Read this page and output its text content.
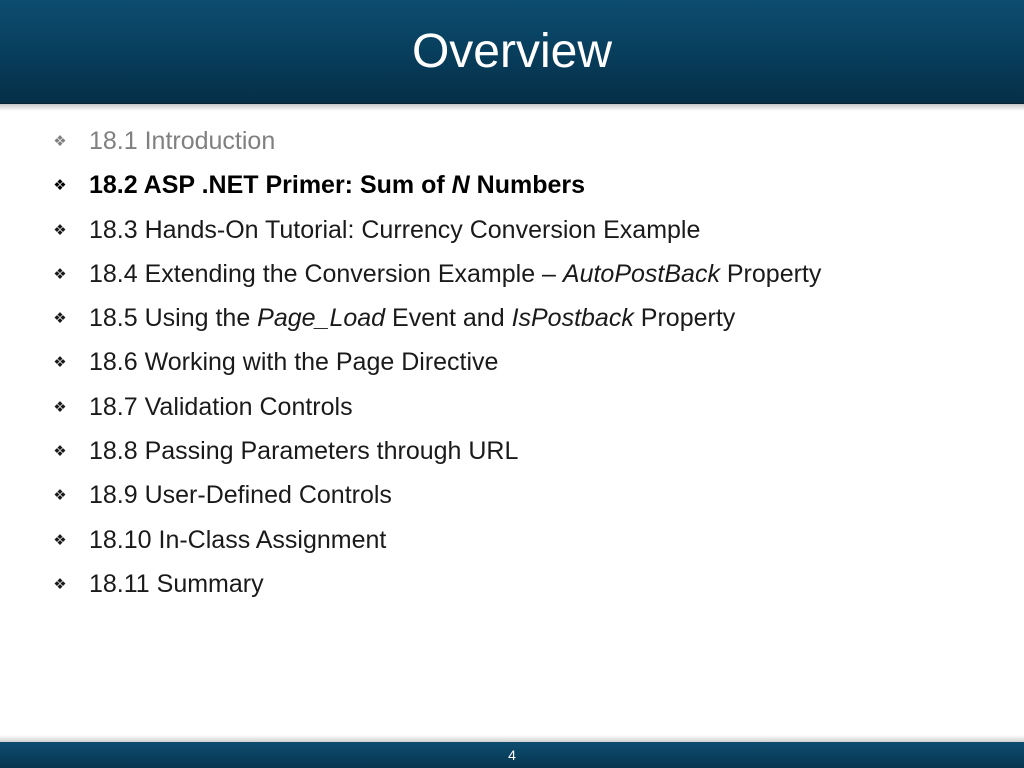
Overview
❖ 18.1 Introduction
❖ 18.2 ASP .NET Primer: Sum of N Numbers
❖ 18.3 Hands-On Tutorial: Currency Conversion Example
❖ 18.4 Extending the Conversion Example – AutoPostBack Property
❖ 18.5 Using the Page_Load Event and IsPostback Property
❖ 18.6 Working with the Page Directive
❖ 18.7 Validation Controls
❖ 18.8 Passing Parameters through URL
❖ 18.9 User-Defined Controls
❖ 18.10 In-Class Assignment
❖ 18.11 Summary
4
